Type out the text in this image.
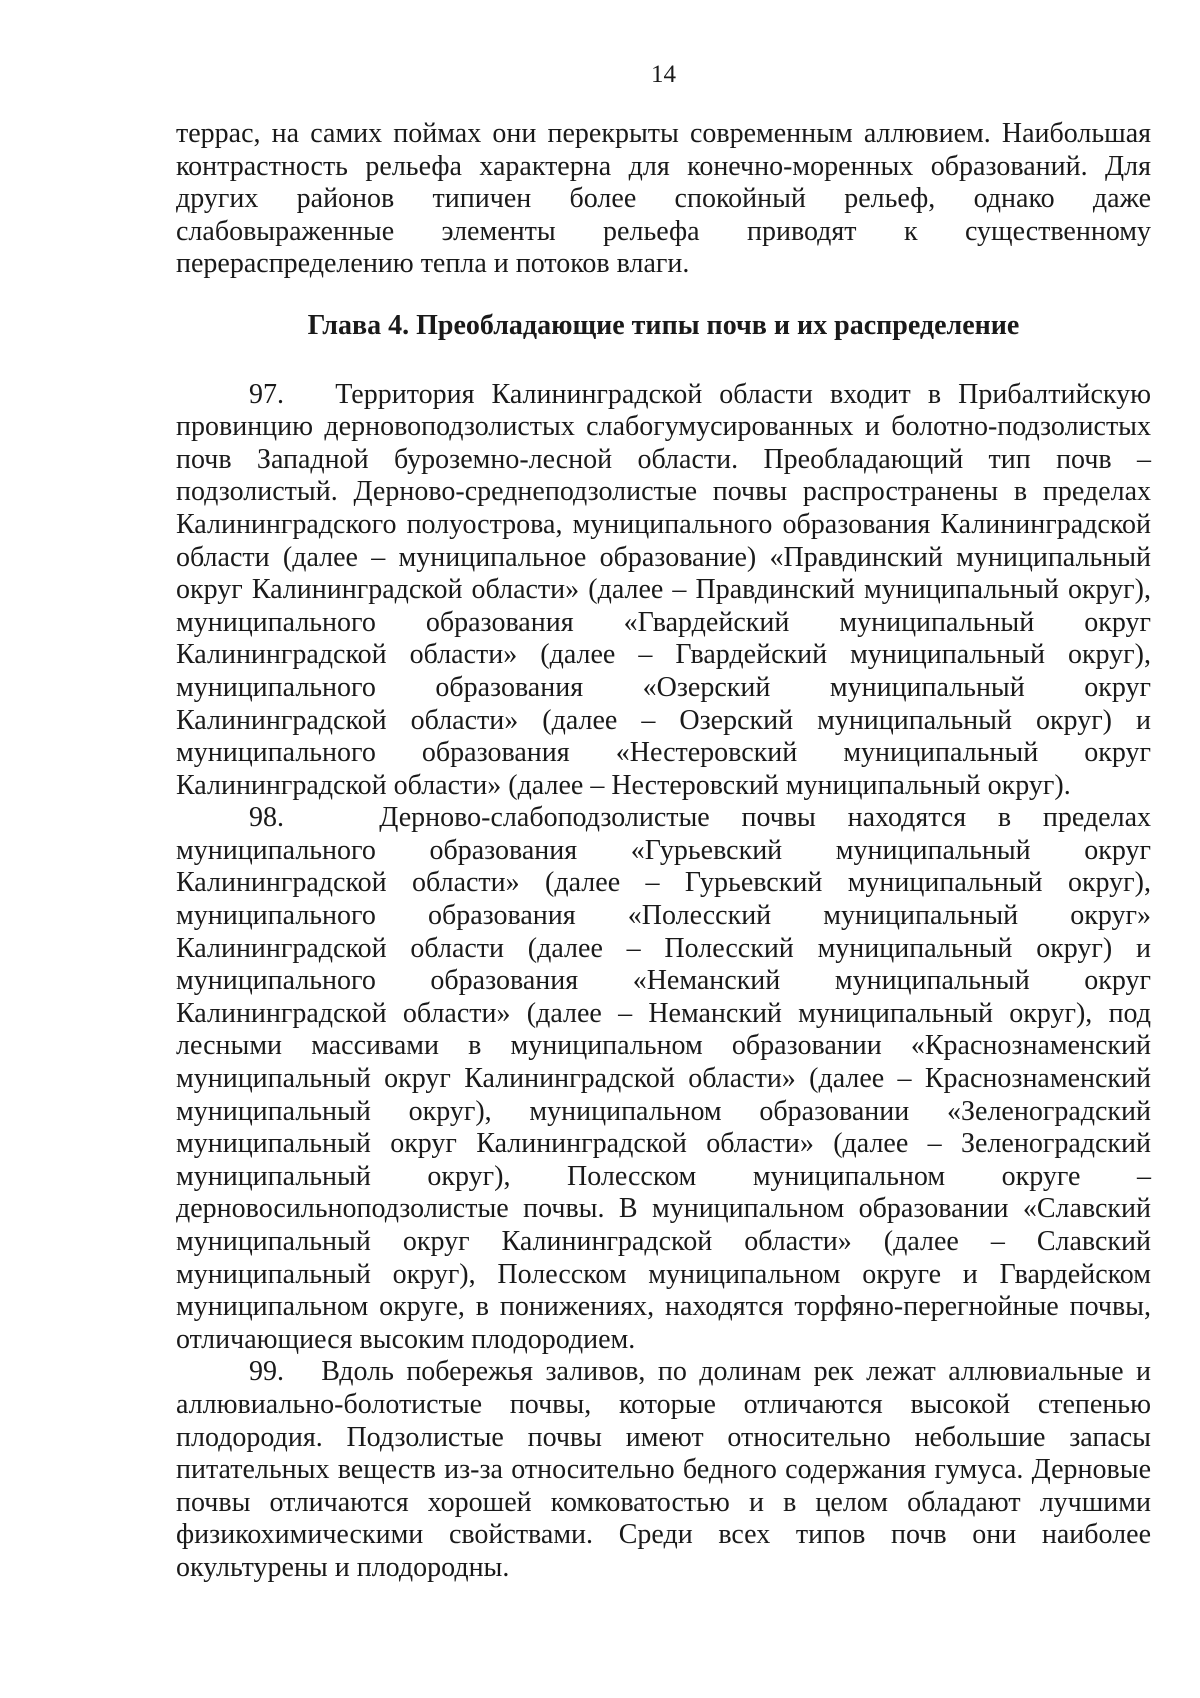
14

террас, на самих поймах они перекрыты современным аллювием. Наибольшая контрастность рельефа характерна для конечно-моренных образований. Для других районов типичен более спокойный рельеф, однако даже слабовыраженные элементы рельефа приводят к существенному перераспределению тепла и потоков влаги.

Глава 4. Преобладающие типы почв и их распределение

97. Территория Калининградской области входит в Прибалтийскую провинцию дерновоподзолистых слабогумусированных и болотно-подзолистых почв Западной буроземно-лесной области. Преобладающий тип почв – подзолистый. Дерново-среднеподзолистые почвы распространены в пределах Калининградского полуострова, муниципального образования Калининградской области (далее – муниципальное образование) «Правдинский муниципальный округ Калининградской области» (далее – Правдинский муниципальный округ), муниципального образования «Гвардейский муниципальный округ Калининградской области» (далее – Гвардейский муниципальный округ), муниципального образования «Озерский муниципальный округ Калининградской области» (далее – Озерский муниципальный округ) и муниципального образования «Нестеровский муниципальный округ Калининградской области» (далее – Нестеровский муниципальный округ).

98.	Дерново-слабоподзолистые почвы находятся в пределах муниципального образования «Гурьевский муниципальный округ Калининградской области» (далее – Гурьевский муниципальный округ), муниципального образования «Полесский муниципальный округ» Калининградской области (далее – Полесский муниципальный округ) и муниципального образования «Неманский муниципальный округ Калининградской области» (далее – Неманский муниципальный округ), под лесными массивами в муниципальном образовании «Краснознаменский муниципальный округ Калининградской области» (далее – Краснознаменский муниципальный округ), муниципальном образовании «Зеленоградский муниципальный округ Калининградской области» (далее – Зеленоградский муниципальный округ), Полесском муниципальном округе – дерновосильноподзолистые почвы. В муниципальном образовании «Славский муниципальный округ Калининградской области» (далее – Славский муниципальный округ), Полесском муниципальном округе и Гвардейском муниципальном округе, в понижениях, находятся торфяно-перегнойные почвы, отличающиеся высоким плодородием.

99. Вдоль побережья заливов, по долинам рек лежат аллювиальные и аллювиально-болотистые почвы, которые отличаются высокой степенью плодородия. Подзолистые почвы имеют относительно небольшие запасы питательных веществ из-за относительно бедного содержания гумуса. Дерновые почвы отличаются хорошей комковатостью и в целом обладают лучшими физикохимическими свойствами. Среди всех типов почв они наиболее окультурены и плодородны.
